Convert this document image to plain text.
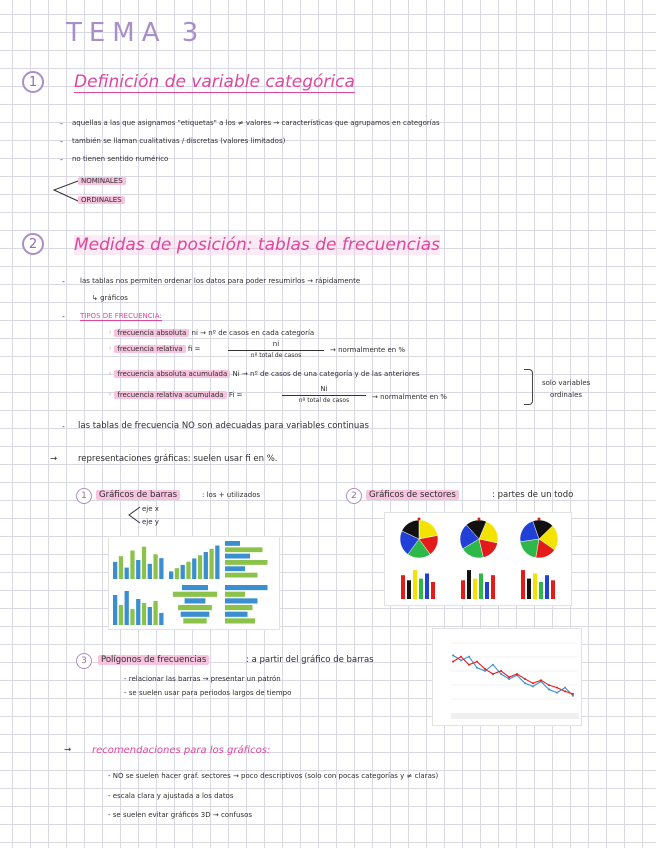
TEMA 3
1 Definición de variable categórica
- aquellas a las que asignamos "etiquetas" a los ≠ valores → características que agrupamos en categorías
- también se llaman cualitativas / discretas (valores limitados)
- no tienen sentido numérico
NOMINALES
ORDINALES
2 Medidas de posición: tablas de frecuencias
- las tablas nos permiten ordenar los datos para poder resumirlos → rápidamente
↳ gráficos
- TIPOS DE FRECUENCIA:
◦ frecuencia absoluta ni → nº de casos en cada categoría
◦ frecuencia relativa fi =
ni
nº total de casos
→ normalmente en %
◦ frecuencia absoluta acumulada Ni → nº de casos de una categoría y de las anteriores
◦ frecuencia relativa acumulada Fi =
Ni
nº total de casos	→ normalmente en %
solo variables
ordinales
- las tablas de frecuencia NO son adecuadas para variables continuas
→ representaciones gráficas: suelen usar fi en %.
1	Gráficos de barras	: los + utilizados
eje x
eje y
2	Gráficos de sectores	: partes de un todo
3	Polígonos de frecuencias	: a partir del gráfico de barras
- relacionar las barras → presentar un patrón
- se suelen usar para periodos largos de tiempo
→ recomendaciones para los gráficos:
- NO se suelen hacer graf. sectores → poco descriptivos (solo con pocas categorías y ≠ claras)
- escala clara y ajustada a los datos
- se suelen evitar gráficos 3D → confusos
